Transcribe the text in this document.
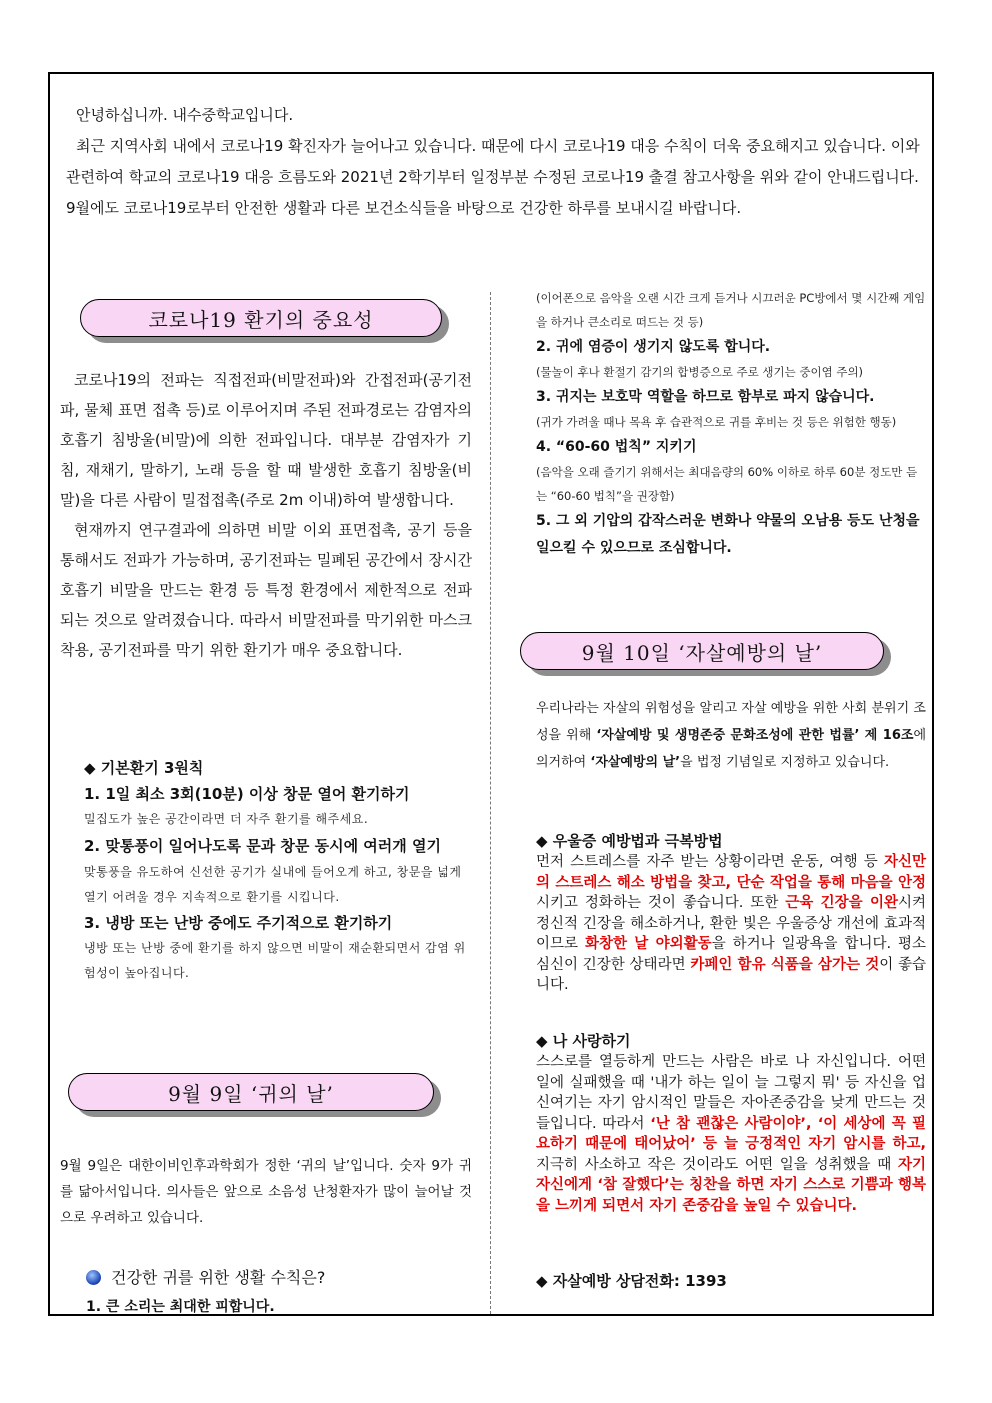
안녕하십니까. 내수중학교입니다.

최근 지역사회 내에서 코로나19 확진자가 늘어나고 있습니다. 때문에 다시 코로나19 대응 수칙이 더욱 중요해지고 있습니다. 이와 관련하여 학교의 코로나19 대응 흐름도와 2021년 2학기부터 일정부분 수정된 코로나19 출결 참고사항을 위와 같이 안내드립니다. 9월에도 코로나19로부터 안전한 생활과 다른 보건소식들을 바탕으로 건강한 하루를 보내시길 바랍니다.

코로나19 환기의 중요성

코로나19의 전파는 직접전파(비말전파)와 간접전파(공기전파, 물체 표면 접촉 등)로 이루어지며 주된 전파경로는 감염자의 호흡기 침방울(비말)에 의한 전파입니다. 대부분 감염자가 기침, 재채기, 말하기, 노래 등을 할 때 발생한 호흡기 침방울(비말)을 다른 사람이 밀접접촉(주로 2m 이내)하여 발생합니다.

현재까지 연구결과에 의하면 비말 이외 표면접촉, 공기 등을 통해서도 전파가 가능하며, 공기전파는 밀폐된 공간에서 장시간 호흡기 비말을 만드는 환경 등 특정 환경에서 제한적으로 전파되는 것으로 알려졌습니다. 따라서 비말전파를 막기위한 마스크 착용, 공기전파를 막기 위한 환기가 매우 중요합니다.

◆ 기본환기 3원칙

1. 1일 최소 3회(10분) 이상 창문 열어 환기하기

밀집도가 높은 공간이라면 더 자주 환기를 해주세요.

2. 맞통풍이 일어나도록 문과 창문 동시에 여러개 열기

맞통풍을 유도하여 신선한 공기가 실내에 들어오게 하고, 창문을 넓게 열기 어려울 경우 지속적으로 환기를 시킵니다.

3. 냉방 또는 난방 중에도 주기적으로 환기하기

냉방 또는 난방 중에 환기를 하지 않으면 비말이 재순환되면서 감염 위험성이 높아집니다.

9월 9일 ‘귀의 날’
9월 9일은 대한이비인후과학회가 정한 ‘귀의 날’입니다. 숫자 9가 귀를 닮아서입니다. 의사들은 앞으로 소음성 난청환자가 많이 늘어날 것으로 우려하고 있습니다.
건강한 귀를 위한 생활 수칙은?

1. 큰 소리는 최대한 피합니다.

(이어폰으로 음악을 오랜 시간 크게 듣거나 시끄러운 PC방에서 몇 시간째 게임을 하거나 큰소리로 떠드는 것 등)

2. 귀에 염증이 생기지 않도록 합니다.

(물놀이 후나 환절기 감기의 합병증으로 주로 생기는 중이염 주의)

3. 귀지는 보호막 역할을 하므로 함부로 파지 않습니다.

(귀가 가려울 때나 목욕 후 습관적으로 귀를 후비는 것 등은 위험한 행동)

4. “60-60 법칙” 지키기

(음악을 오래 즐기기 위해서는 최대음량의 60% 이하로 하루 60분 정도만 듣는 “60-60 법칙”을 권장함)

5. 그 외 기압의 갑작스러운 변화나 약물의 오남용 등도 난청을 일으킬 수 있으므로 조심합니다.

9월 10일 ‘자살예방의 날’
우리나라는 자살의 위험성을 알리고 자살 예방을 위한 사회 분위기 조성을 위해 ‘자살예방 및 생명존중 문화조성에 관한 법률’ 제 16조에 의거하여 ‘자살예방의 날’을 법정 기념일로 지정하고 있습니다.

◆ 우울증 예방법과 극복방법

먼저 스트레스를 자주 받는 상황이라면 운동, 여행 등 자신만의 스트레스 해소 방법을 찾고, 단순 작업을 통해 마음을 안정시키고 정화하는 것이 좋습니다. 또한 근육 긴장을 이완시켜 정신적 긴장을 해소하거나, 환한 빛은 우울증상 개선에 효과적이므로 화창한 날 야외활동을 하거나 일광욕을 합니다. 평소 심신이 긴장한 상태라면 카페인 함유 식품을 삼가는 것이 좋습니다.

◆ 나 사랑하기

스스로를 열등하게 만드는 사람은 바로 나 자신입니다. 어떤 일에 실패했을 때 '내가 하는 일이 늘 그렇지 뭐' 등 자신을 업신여기는 자기 암시적인 말들은 자아존중감을 낮게 만드는 것들입니다. 따라서 ‘난 참 괜찮은 사람이야’, ‘이 세상에 꼭 필요하기 때문에 태어났어’ 등 늘 긍정적인 자기 암시를 하고, 지극히 사소하고 작은 것이라도 어떤 일을 성취했을 때 자기 자신에게 ‘참 잘했다’는 칭찬을 하면 자기 스스로 기쁨과 행복을 느끼게 되면서 자기 존중감을 높일 수 있습니다.

◆ 자살예방 상담전화: 1393
